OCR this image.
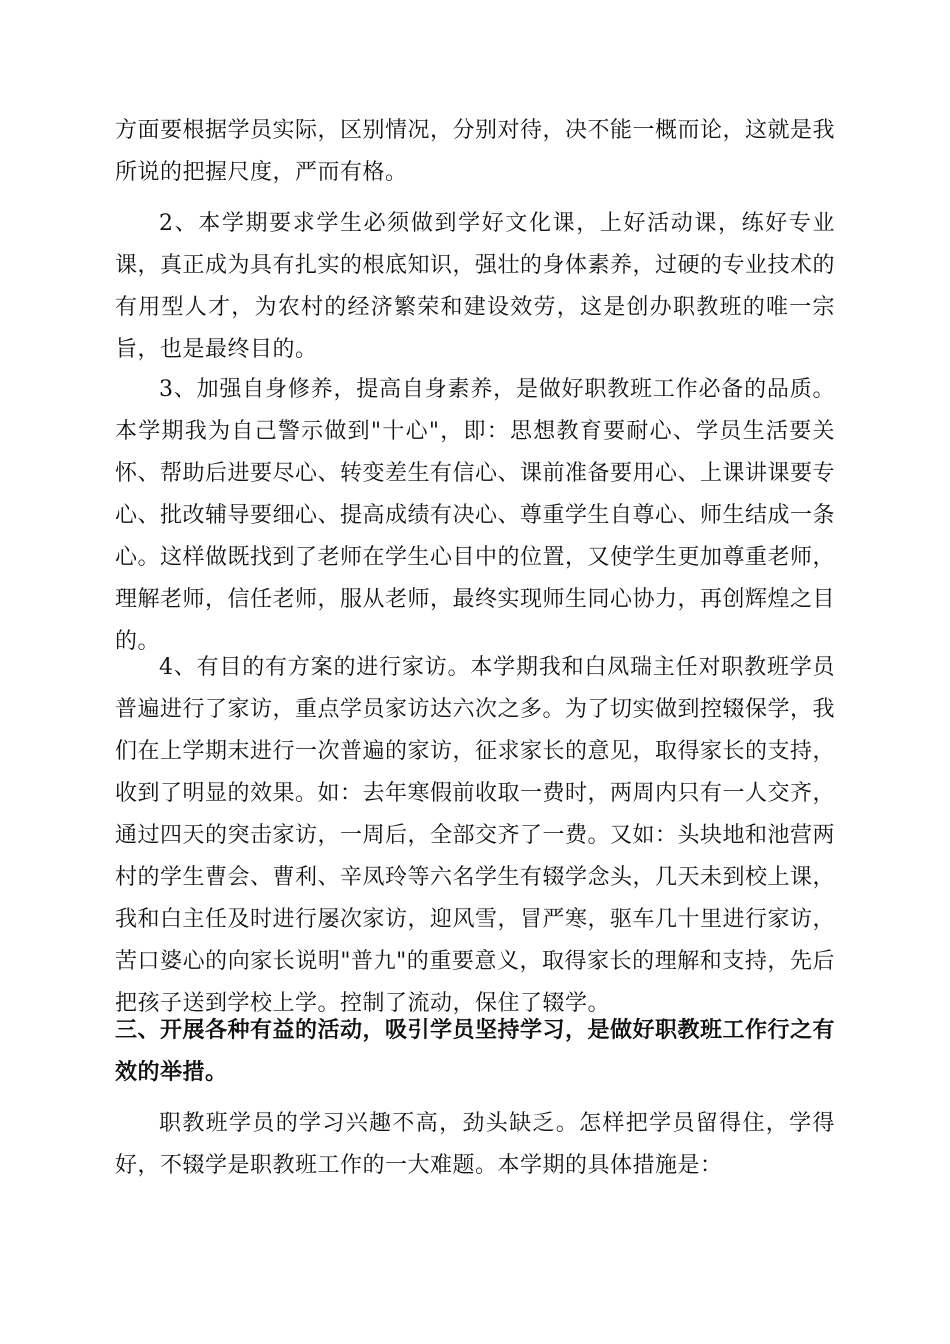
方面要根据学员实际，区别情况，分别对待，决不能一概而论，这就是我所说的把握尺度，严而有格。

2、本学期要求学生必须做到学好文化课，上好活动课，练好专业课，真正成为具有扎实的根底知识，强壮的身体素养，过硬的专业技术的有用型人才，为农村的经济繁荣和建设效劳，这是创办职教班的唯一宗旨，也是最终目的。

3、加强自身修养，提高自身素养，是做好职教班工作必备的品质。本学期我为自己警示做到"十心"，即：思想教育要耐心、学员生活要关怀、帮助后进要尽心、转变差生有信心、课前准备要用心、上课讲课要专心、批改辅导要细心、提高成绩有决心、尊重学生自尊心、师生结成一条心。这样做既找到了老师在学生心目中的位置，又使学生更加尊重老师，理解老师，信任老师，服从老师，最终实现师生同心协力，再创辉煌之目的。

4、有目的有方案的进行家访。本学期我和白凤瑞主任对职教班学员普遍进行了家访，重点学员家访达六次之多。为了切实做到控辍保学，我们在上学期末进行一次普遍的家访，征求家长的意见，取得家长的支持，收到了明显的效果。如：去年寒假前收取一费时，两周内只有一人交齐，通过四天的突击家访，一周后，全部交齐了一费。又如：头块地和池营两村的学生曹会、曹利、辛凤玲等六名学生有辍学念头，几天未到校上课，我和白主任及时进行屡次家访，迎风雪，冒严寒，驱车几十里进行家访，苦口婆心的向家长说明"普九"的重要意义，取得家长的理解和支持，先后把孩子送到学校上学。控制了流动，保住了辍学。

三、开展各种有益的活动，吸引学员坚持学习，是做好职教班工作行之有效的举措。

职教班学员的学习兴趣不高，劲头缺乏。怎样把学员留得住，学得好，不辍学是职教班工作的一大难题。本学期的具体措施是：
